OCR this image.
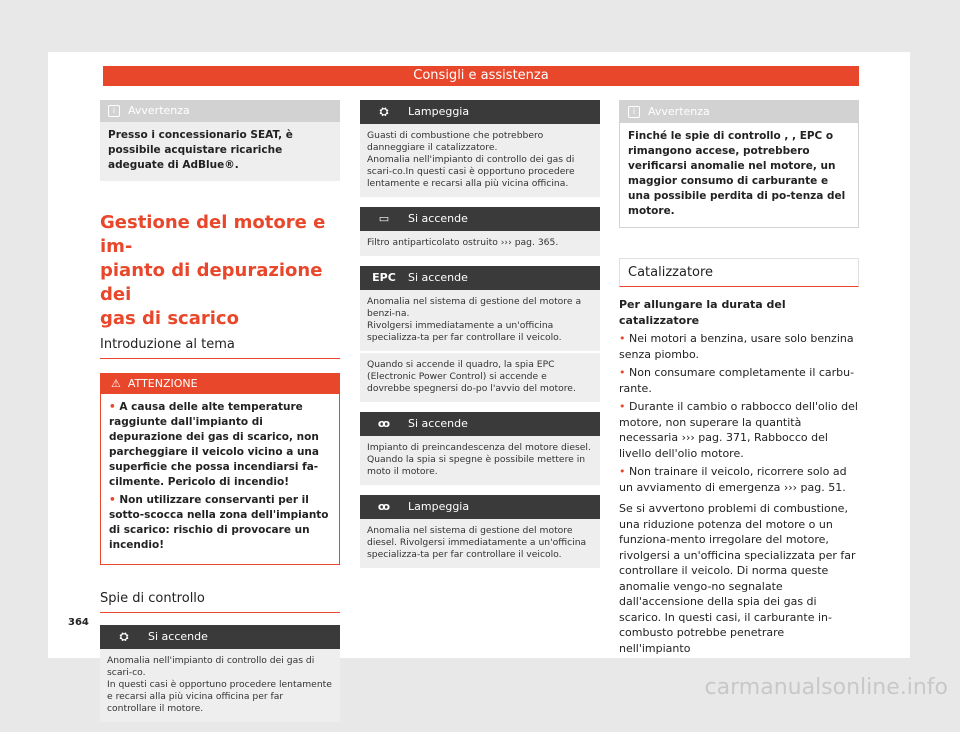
Consigli e assistenza
i Avvertenza
Presso i concessionario SEAT, è possibile acquistare ricariche adeguate di AdBlue®.
Gestione del motore e im-
pianto di depurazione dei
gas di scarico
Introduzione al tema
⚠ ATTENZIONE

• A causa delle alte temperature raggiunte dall'impianto di depurazione dei gas di scarico, non parcheggiare il veicolo vicino a una superficie che possa incendiarsi fa-cilmente. Pericolo di incendio!

• Non utilizzare conservanti per il sotto-scocca nella zona dell'impianto di scarico: rischio di provocare un incendio!

Spie di controllo
⛭	Si accende

Anomalia nell'impianto di controllo dei gas di scari-co.

In questi casi è opportuno procedere lentamente e recarsi alla più vicina officina per far controllare il motore.

⛭	Lampeggia

Guasti di combustione che potrebbero danneggiare il catalizzatore.

Anomalia nell'impianto di controllo dei gas di scari-co.In questi casi è opportuno procedere lentamente e recarsi alla più vicina officina.

▭	Si accende

Filtro antiparticolato ostruito ››› pag. 365.

EPC Si accende

Anomalia nel sistema di gestione del motore a benzi-na.

Rivolgersi immediatamente a un'officina specializza-ta per far controllare il veicolo.

Quando si accende il quadro, la spia EPC (Electronic Power Control) si accende e dovrebbe spegnersi do-po l'avvio del motore.
ꝏ	Si accende

Impianto di preincandescenza del motore diesel. Quando la spia si spegne è possibile mettere in moto il motore.

ꝏ	Lampeggia

Anomalia nel sistema di gestione del motore diesel. Rivolgersi immediatamente a un'officina specializza-ta per far controllare il veicolo.

i Avvertenza
Finché le spie di controllo , , EPC o rimangono accese, potrebbero verificarsi anomalie nel motore, un maggior consumo di carburante e una possibile perdita di po-tenza del motore.
Catalizzatore

Per allungare la durata del catalizzatore

• Nei motori a benzina, usare solo benzina senza piombo.

• Non consumare completamente il carbu-rante.

• Durante il cambio o rabbocco dell'olio del motore, non superare la quantità necessaria ››› pag. 371, Rabbocco del livello dell'olio motore.

• Non trainare il veicolo, ricorrere solo ad un avviamento di emergenza ››› pag. 51.

Se si avvertono problemi di combustione, una riduzione potenza del motore o un funziona-mento irregolare del motore, rivolgersi a un'officina specializzata per far controllare il veicolo. Di norma queste anomalie vengo-no segnalate dall'accensione della spia dei gas di scarico. In questi casi, il carburante in-combusto potrebbe penetrare nell'impianto

364
carmanualsonline.info
